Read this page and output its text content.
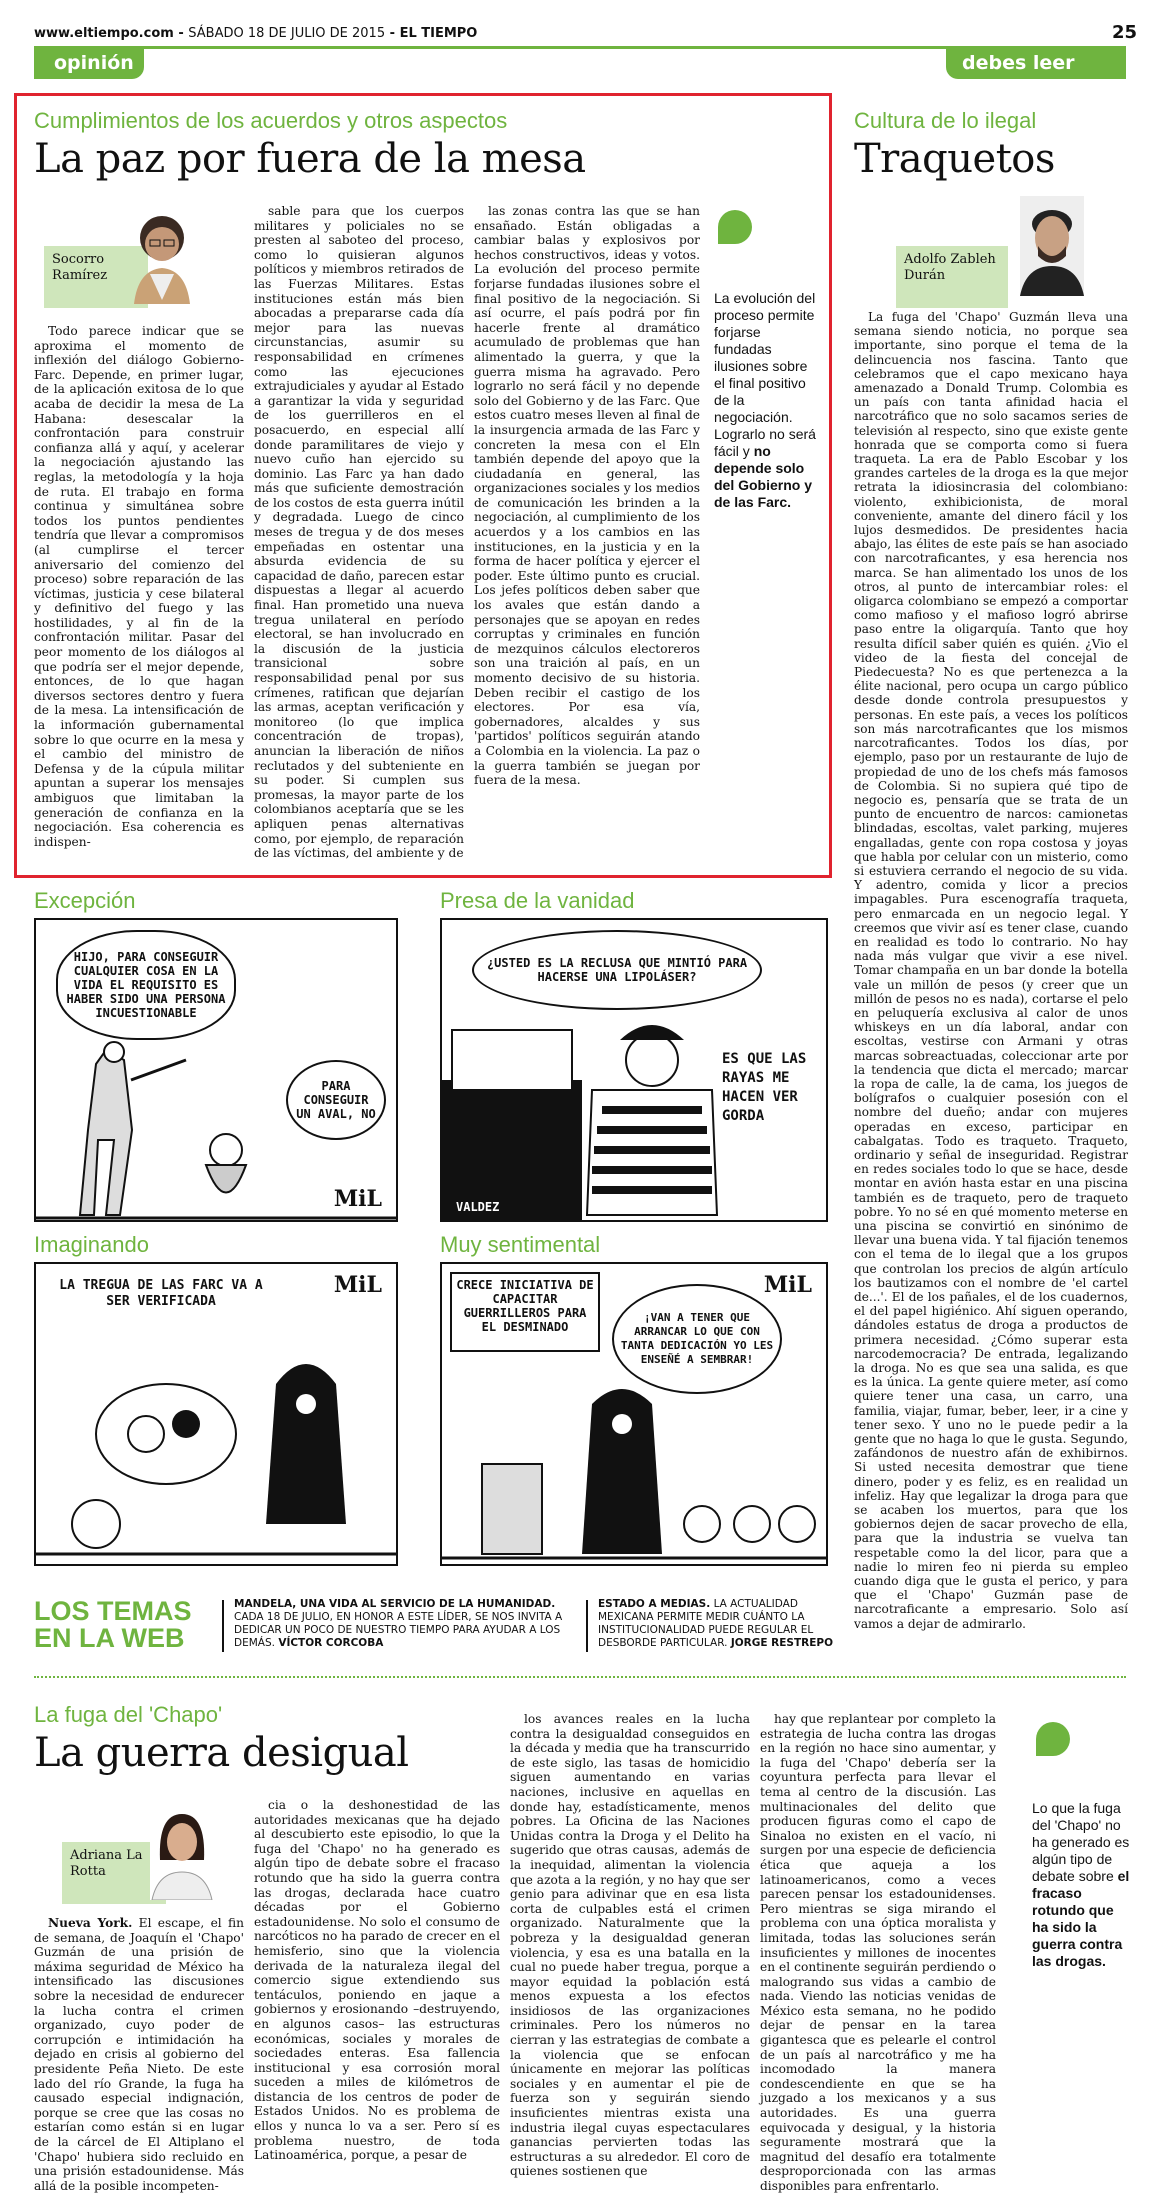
www.eltiempo.com - SÁBADO 18 DE JULIO DE 2015 - EL TIEMPO	25
opinión	debes leer
Cumplimientos de los acuerdos y otros aspectos
La paz por fuera de la mesa
Socorro Ramírez

Todo parece indicar que se aproxima el momento de inflexión del diálogo Gobierno-Farc. Depende, en primer lugar, de la aplicación exitosa de lo que acaba de decidir la mesa de La Habana: desescalar la confrontación para construir confianza allá y aquí, y acelerar la negociación ajustando las reglas, la metodología y la hoja de ruta. El trabajo en forma continua y simultánea sobre todos los puntos pendientes tendría que llevar a compromisos (al cumplirse el tercer aniversario del comienzo del proceso) sobre reparación de las víctimas, justicia y cese bilateral y definitivo del fuego y las hostilidades, y al fin de la confrontación militar. Pasar del peor momento de los diálogos al que podría ser el mejor depende, entonces, de lo que hagan diversos sectores dentro y fuera de la mesa. La intensificación de la información gubernamental sobre lo que ocurre en la mesa y el cambio del ministro de Defensa y de la cúpula militar apuntan a superar los mensajes ambiguos que limitaban la generación de confianza en la negociación. Esa coherencia es indispen-

sable para que los cuerpos militares y policiales no se presten al saboteo del proceso, como lo quisieran algunos políticos y miembros retirados de las Fuerzas Militares. Estas instituciones están más bien abocadas a prepararse cada día mejor para las nuevas circunstancias, asumir su responsabilidad en crímenes como las ejecuciones extrajudiciales y ayudar al Estado a garantizar la vida y seguridad de los guerrilleros en el posacuerdo, en especial allí donde paramilitares de viejo y nuevo cuño han ejercido su dominio. Las Farc ya han dado más que suficiente demostración de los costos de esta guerra inútil y degradada. Luego de cinco meses de tregua y de dos meses empeñadas en ostentar una absurda evidencia de su capacidad de daño, parecen estar dispuestas a llegar al acuerdo final. Han prometido una nueva tregua unilateral en período electoral, se han involucrado en la discusión de la justicia transicional sobre responsabilidad penal por sus crímenes, ratifican que dejarían las armas, aceptan verificación y monitoreo (lo que implica concentración de tropas), anuncian la liberación de niños reclutados y del subteniente en su poder. Si cumplen sus promesas, la mayor parte de los colombianos aceptaría que se les apliquen penas alternativas como, por ejemplo, de reparación de las víctimas, del ambiente y de

las zonas contra las que se han ensañado. Están obligadas a cambiar balas y explosivos por hechos constructivos, ideas y votos. La evolución del proceso permite forjarse fundadas ilusiones sobre el final positivo de la negociación. Si así ocurre, el país podrá por fin hacerle frente al dramático acumulado de problemas que han alimentado la guerra, y que la guerra misma ha agravado. Pero lograrlo no será fácil y no depende solo del Gobierno y de las Farc. Que estos cuatro meses lleven al final de la insurgencia armada de las Farc y concreten la mesa con el Eln también depende del apoyo que la ciudadanía en general, las organizaciones sociales y los medios de comunicación les brinden a la negociación, al cumplimiento de los acuerdos y a los cambios en las instituciones, en la justicia y en la forma de hacer política y ejercer el poder. Este último punto es crucial. Los jefes políticos deben saber que los avales que están dando a personajes que se apoyan en redes corruptas y criminales en función de mezquinos cálculos electoreros son una traición al país, en un momento decisivo de su historia. Deben recibir el castigo de los electores. Por esa vía, gobernadores, alcaldes y sus 'partidos' políticos seguirán atando a Colombia en la violencia. La paz o la guerra también se juegan por fuera de la mesa.

La evolución del proceso permite forjarse fundadas ilusiones sobre el final positivo de la negociación. Lograrlo no será fácil y no depende solo del Gobierno y de las Farc.
Cultura de lo ilegal
Traquetos
Adolfo Zableh Durán

La fuga del 'Chapo' Guzmán lleva una semana siendo noticia, no porque sea importante, sino porque el tema de la delincuencia nos fascina. Tanto que celebramos que el capo mexicano haya amenazado a Donald Trump. Colombia es un país con tanta afinidad hacia el narcotráfico que no solo sacamos series de televisión al respecto, sino que existe gente honrada que se comporta como si fuera traqueta. La era de Pablo Escobar y los grandes carteles de la droga es la que mejor retrata la idiosincrasia del colombiano: violento, exhibicionista, de moral conveniente, amante del dinero fácil y los lujos desmedidos. De presidentes hacia abajo, las élites de este país se han asociado con narcotraficantes, y esa herencia nos marca. Se han alimentado los unos de los otros, al punto de intercambiar roles: el oligarca colombiano se empezó a comportar como mafioso y el mafioso logró abrirse paso entre la oligarquía. Tanto que hoy resulta difícil saber quién es quién. ¿Vio el video de la fiesta del concejal de Piedecuesta? No es que pertenezca a la élite nacional, pero ocupa un cargo público desde donde controla presupuestos y personas. En este país, a veces los políticos son más narcotraficantes que los mismos narcotraficantes. Todos los días, por ejemplo, paso por un restaurante de lujo de propiedad de uno de los chefs más famosos de Colombia. Si no supiera qué tipo de negocio es, pensaría que se trata de un punto de encuentro de narcos: camionetas blindadas, escoltas, valet parking, mujeres engalladas, gente con ropa costosa y joyas que habla por celular con un misterio, como si estuviera cerrando el negocio de su vida. Y adentro, comida y licor a precios impagables. Pura escenografía traqueta, pero enmarcada en un negocio legal. Y creemos que vivir así es tener clase, cuando en realidad es todo lo contrario. No hay nada más vulgar que vivir a ese nivel. Tomar champaña en un bar donde la botella vale un millón de pesos (y creer que un millón de pesos no es nada), cortarse el pelo en peluquería exclusiva al calor de unos whiskeys en un día laboral, andar con escoltas, vestirse con Armani y otras marcas sobreactuadas, coleccionar arte por la tendencia que dicta el mercado; marcar la ropa de calle, la de cama, los juegos de bolígrafos o cualquier posesión con el nombre del dueño; andar con mujeres operadas en exceso, participar en cabalgatas. Todo es traqueto. Traqueto, ordinario y señal de inseguridad. Registrar en redes sociales todo lo que se hace, desde montar en avión hasta estar en una piscina también es de traqueto, pero de traqueto pobre. Yo no sé en qué momento meterse en una piscina se convirtió en sinónimo de llevar una buena vida. Y tal fijación tenemos con el tema de lo ilegal que a los grupos que controlan los precios de algún artículo los bautizamos con el nombre de 'el cartel de...'. El de los pañales, el de los cuadernos, el del papel higiénico. Ahí siguen operando, dándoles estatus de droga a productos de primera necesidad. ¿Cómo superar esta narcodemocracia? De entrada, legalizando la droga. No es que sea una salida, es que es la única. La gente quiere meter, así como quiere tener una casa, un carro, una familia, viajar, fumar, beber, leer, ir a cine y tener sexo. Y uno no le puede pedir a la gente que no haga lo que le gusta. Segundo, zafándonos de nuestro afán de exhibirnos. Si usted necesita demostrar que tiene dinero, poder y es feliz, es en realidad un infeliz. Hay que legalizar la droga para que se acaben los muertos, para que los gobiernos dejen de sacar provecho de ella, para que la industria se vuelva tan respetable como la del licor, para que a nadie lo miren feo ni pierda su empleo cuando diga que le gusta el perico, y para que el 'Chapo' Guzmán pase de narcotraficante a empresario. Solo así vamos a dejar de admirarlo.

Excepción
HIJO, PARA CONSEGUIR CUALQUIER COSA EN LA VIDA EL REQUISITO ES HABER SIDO UNA PERSONA INCUESTIONABLE
PARA CONSEGUIR UN AVAL, NO
MiL
Presa de la vanidad
¿USTED ES LA RECLUSA QUE MINTIÓ PARA HACERSE UNA LIPOLÁSER?
ES QUE LAS RAYAS ME HACEN VER GORDA
VALDEZ
Imaginando
LA TREGUA DE LAS FARC VA A SER VERIFICADA
MiL
Muy sentimental
CRECE INICIATIVA DE CAPACITAR GUERRILLEROS PARA EL DESMINADO
¡VAN A TENER QUE ARRANCAR LO QUE CON TANTA DEDICACIÓN YO LES ENSEÑÉ A SEMBRAR!
MiL
LOS TEMAS
EN LA WEB
MANDELA, UNA VIDA AL SERVICIO DE LA HUMANIDAD. CADA 18 DE JULIO, EN HONOR A ESTE LÍDER, SE NOS INVITA A DEDICAR UN POCO DE NUESTRO TIEMPO PARA AYUDAR A LOS DEMÁS. VÍCTOR CORCOBA
ESTADO A MEDIAS. LA ACTUALIDAD MEXICANA PERMITE MEDIR CUÁNTO LA INSTITUCIONALIDAD PUEDE REGULAR EL DESBORDE PARTICULAR. JORGE RESTREPO
La fuga del 'Chapo'
La guerra desigual
Adriana La Rotta

Nueva York. El escape, el fin de semana, de Joaquín el 'Chapo' Guzmán de una prisión de máxima seguridad de México ha intensificado las discusiones sobre la necesidad de endurecer la lucha contra el crimen organizado, cuyo poder de corrupción e intimidación ha dejado en crisis al gobierno del presidente Peña Nieto. De este lado del río Grande, la fuga ha causado especial indignación, porque se cree que las cosas no estarían como están si en lugar de la cárcel de El Altiplano el 'Chapo' hubiera sido recluido en una prisión estadounidense. Más allá de la posible incompeten-

cia o la deshonestidad de las autoridades mexicanas que ha dejado al descubierto este episodio, lo que la fuga del 'Chapo' no ha generado es algún tipo de debate sobre el fracaso rotundo que ha sido la guerra contra las drogas, declarada hace cuatro décadas por el Gobierno estadounidense. No solo el consumo de narcóticos no ha parado de crecer en el hemisferio, sino que la violencia derivada de la naturaleza ilegal del comercio sigue extendiendo sus tentáculos, poniendo en jaque a gobiernos y erosionando –destruyendo, en algunos casos– las estructuras económicas, sociales y morales de sociedades enteras. Esa fallencia institucional y esa corrosión moral suceden a miles de kilómetros de distancia de los centros de poder de Estados Unidos. No es problema de ellos y nunca lo va a ser. Pero sí es problema nuestro, de toda Latinoamérica, porque, a pesar de

los avances reales en la lucha contra la desigualdad conseguidos en la década y media que ha transcurrido de este siglo, las tasas de homicidio siguen aumentando en varias naciones, inclusive en aquellas en donde hay, estadísticamente, menos pobres. La Oficina de las Naciones Unidas contra la Droga y el Delito ha sugerido que otras causas, además de la inequidad, alimentan la violencia que azota a la región, y no hay que ser genio para adivinar que en esa lista corta de culpables está el crimen organizado. Naturalmente que la pobreza y la desigualdad generan violencia, y esa es una batalla en la cual no puede haber tregua, porque a mayor equidad la población está menos expuesta a los efectos insidiosos de las organizaciones criminales. Pero los números no cierran y las estrategias de combate a la violencia que se enfocan únicamente en mejorar las políticas sociales y en aumentar el pie de fuerza son y seguirán siendo insuficientes mientras exista una industria ilegal cuyas espectaculares ganancias pervierten todas las estructuras a su alrededor. El coro de quienes sostienen que

hay que replantear por completo la estrategia de lucha contra las drogas en la región no hace sino aumentar, y la fuga del 'Chapo' debería ser la coyuntura perfecta para llevar el tema al centro de la discusión. Las multinacionales del delito que producen figuras como el capo de Sinaloa no existen en el vacío, ni surgen por una especie de deficiencia ética que aqueja a los latinoamericanos, como a veces parecen pensar los estadounidenses. Pero mientras se siga mirando el problema con una óptica moralista y limitada, todas las soluciones serán insuficientes y millones de inocentes en el continente seguirán perdiendo o malogrando sus vidas a cambio de nada. Viendo las noticias venidas de México esta semana, no he podido dejar de pensar en la tarea gigantesca que es pelearle el control de un país al narcotráfico y me ha incomodado la manera condescendiente en que se ha juzgado a los mexicanos y a sus autoridades. Es una guerra equivocada y desigual, y la historia seguramente mostrará que la magnitud del desafío era totalmente desproporcionada con las armas disponibles para enfrentarlo.

Lo que la fuga del 'Chapo' no ha generado es algún tipo de debate sobre el fracaso rotundo que ha sido la guerra contra las drogas.
